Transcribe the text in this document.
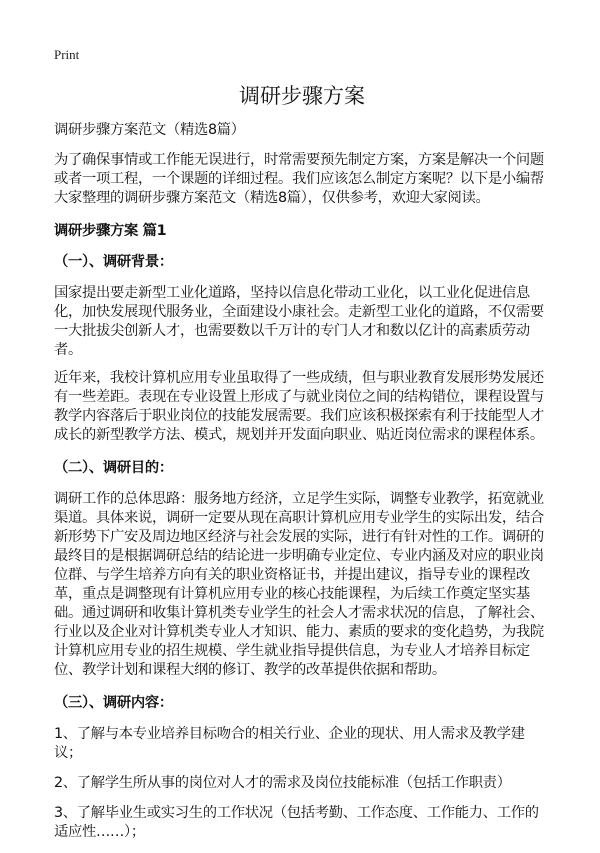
Print
调研步骤方案

调研步骤方案范文（精选8篇）

为了确保事情或工作能无误进行，时常需要预先制定方案，方案是解决一个问题或者一项工程，一个课题的详细过程。我们应该怎么制定方案呢？以下是小编帮大家整理的调研步骤方案范文（精选8篇），仅供参考，欢迎大家阅读。

调研步骤方案 篇1

（一）、调研背景：

国家提出要走新型工业化道路，坚持以信息化带动工业化，以工业化促进信息化，加快发展现代服务业，全面建设小康社会。走新型工业化的道路，不仅需要一大批拔尖创新人才，也需要数以千万计的专门人才和数以亿计的高素质劳动者。

近年来，我校计算机应用专业虽取得了一些成绩，但与职业教育发展形势发展还有一些差距。表现在专业设置上形成了与就业岗位之间的结构错位，课程设置与教学内容落后于职业岗位的技能发展需要。我们应该积极探索有利于技能型人才成长的新型教学方法、模式，规划并开发面向职业、贴近岗位需求的课程体系。

（二）、调研目的：

调研工作的总体思路：服务地方经济，立足学生实际，调整专业教学，拓宽就业渠道。具体来说，调研一定要从现在高职计算机应用专业学生的实际出发，结合新形势下广安及周边地区经济与社会发展的实际，进行有针对性的工作。调研的最终目的是根据调研总结的结论进一步明确专业定位、专业内涵及对应的职业岗位群、与学生培养方向有关的职业资格证书，并提出建议，指导专业的课程改革，重点是调整现有计算机应用专业的核心技能课程，为后续工作奠定坚实基础。通过调研和收集计算机类专业学生的社会人才需求状况的信息，了解社会、行业以及企业对计算机类专业人才知识、能力、素质的要求的变化趋势，为我院计算机应用专业的招生规模、学生就业指导提供信息，为专业人才培养目标定位、教学计划和课程大纲的修订、教学的改革提供依据和帮助。

（三）、调研内容：

1、了解与本专业培养目标吻合的相关行业、企业的现状、用人需求及教学建议；

2、了解学生所从事的岗位对人才的需求及岗位技能标准（包括工作职责）

3、了解毕业生或实习生的工作状况（包括考勤、工作态度、工作能力、工作的适应性……）；
